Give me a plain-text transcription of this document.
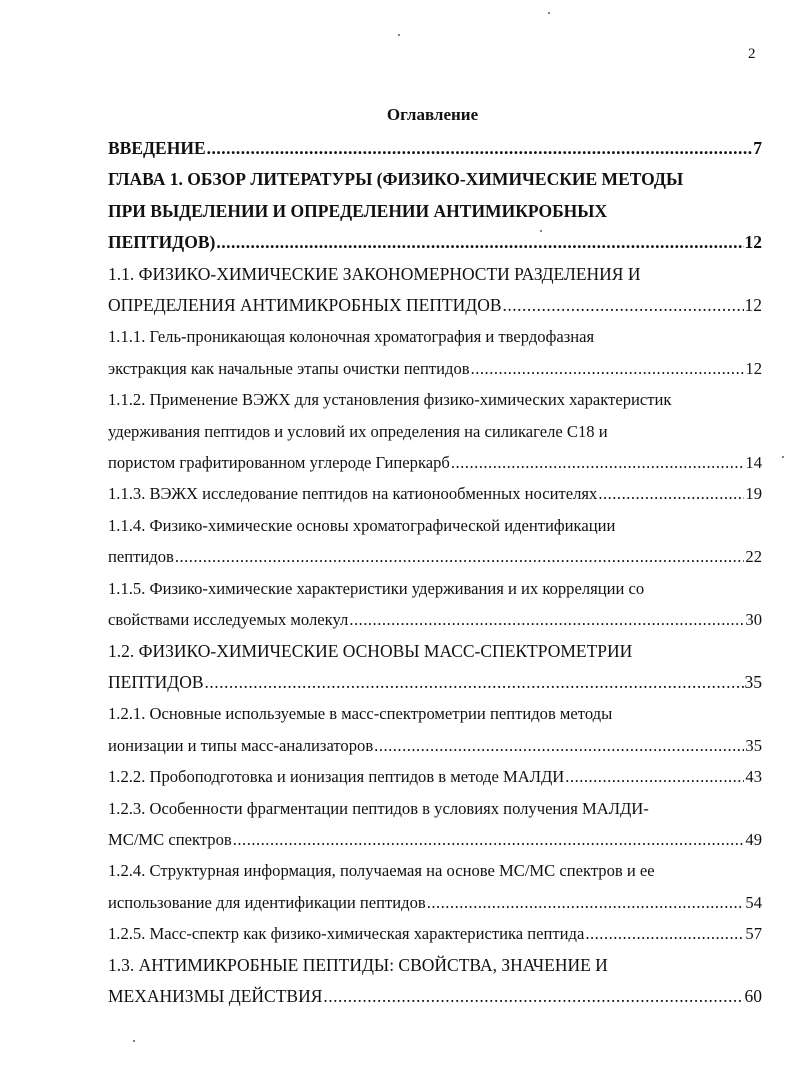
2
Оглавление
ВВЕДЕНИЕ .....	7
ГЛАВА 1. ОБЗОР ЛИТЕРАТУРЫ (ФИЗИКО-ХИМИЧЕСКИЕ МЕТОДЫ
ПРИ ВЫДЕЛЕНИИ И ОПРЕДЕЛЕНИИ АНТИМИКРОБНЫХ
ПЕПТИДОВ) .....	12
1.1. ФИЗИКО-ХИМИЧЕСКИЕ ЗАКОНОМЕРНОСТИ РАЗДЕЛЕНИЯ И
ОПРЕДЕЛЕНИЯ АНТИМИКРОБНЫХ ПЕПТИДОВ .....	12
1.1.1. Гель-проникающая колоночная хроматография и твердофазная
экстракция как начальные этапы очистки пептидов .....	12
1.1.2. Применение ВЭЖХ для установления физико-химических характеристик
удерживания пептидов и условий их определения на силикагеле С18 и
пористом графитированном углероде Гиперкарб .....	14
1.1.3. ВЭЖХ исследование пептидов на катионообменных носителях .....	19
1.1.4. Физико-химические основы хроматографической идентификации
пептидов .....	22
1.1.5. Физико-химические характеристики удерживания и их корреляции со
свойствами исследуемых молекул .....	30
1.2. ФИЗИКО-ХИМИЧЕСКИЕ ОСНОВЫ МАСС-СПЕКТРОМЕТРИИ
ПЕПТИДОВ .....	35
1.2.1. Основные используемые в масс-спектрометрии пептидов методы
ионизации и типы масс-анализаторов .....	35
1.2.2. Пробоподготовка и ионизация пептидов в методе МАЛДИ .....	43
1.2.3. Особенности фрагментации пептидов в условиях получения МАЛДИ-
МС/МС спектров .....	49
1.2.4. Структурная информация, получаемая на основе МС/МС спектров и ее
использование для идентификации пептидов .....	54
1.2.5. Масс-спектр как физико-химическая характеристика пептида .....	57
1.3. АНТИМИКРОБНЫЕ ПЕПТИДЫ: СВОЙСТВА, ЗНАЧЕНИЕ И
МЕХАНИЗМЫ ДЕЙСТВИЯ .....	60
